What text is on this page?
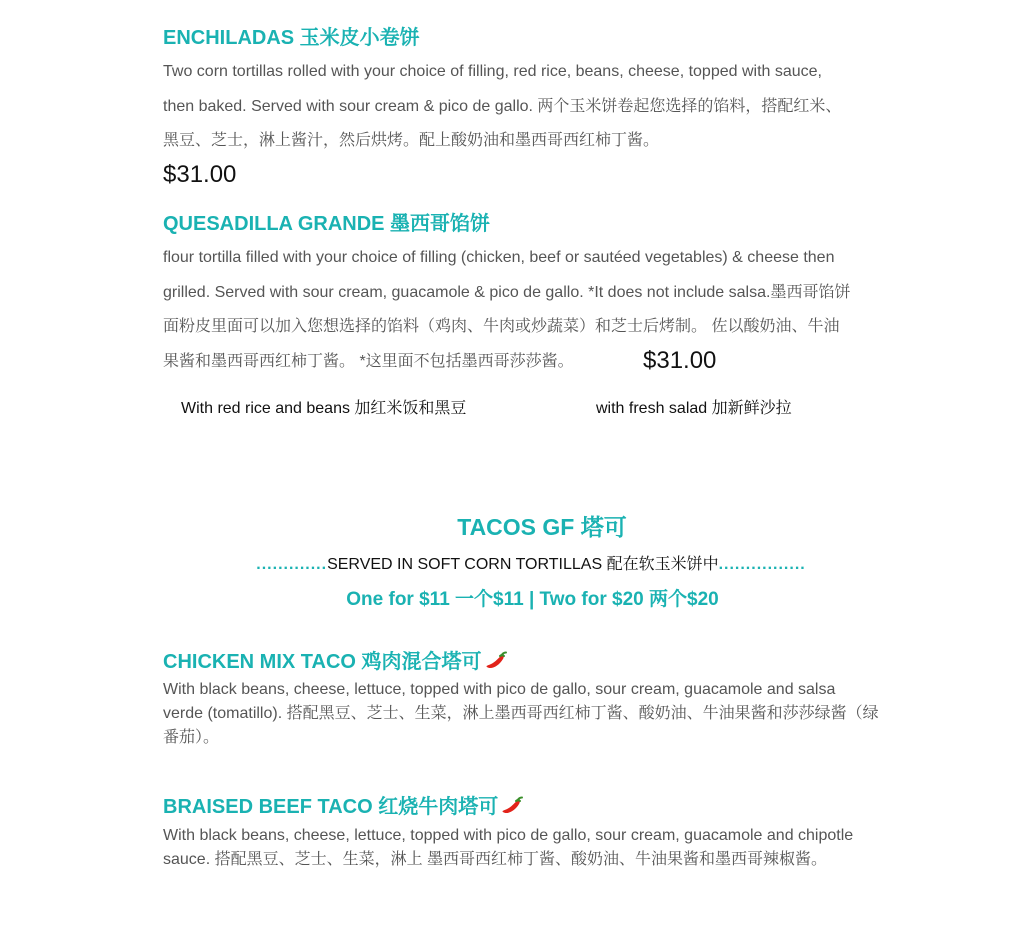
ENCHILADAS 玉米皮小卷饼
Two corn tortillas rolled with your choice of filling, red rice, beans, cheese, topped with sauce,
then baked. Served with sour cream & pico de gallo. 两个玉米饼卷起您选择的馅料，搭配红米、
黑豆、芝士，淋上酱汁，然后烘烤。配上酸奶油和墨西哥西红柿丁酱。
$31.00
QUESADILLA GRANDE 墨西哥馅饼
flour tortilla filled with your choice of filling (chicken, beef or sautéed vegetables) & cheese then
grilled. Served with sour cream, guacamole & pico de gallo. *It does not include salsa.墨西哥馅饼
面粉皮里面可以加入您想选择的馅料（鸡肉、牛肉或炒蔬菜）和芝士后烤制。 佐以酸奶油、牛油
果酱和墨西哥西红柿丁酱。 *这里面不包括墨西哥莎莎酱。	$31.00
With red rice and beans 加红米饭和黑豆	with fresh salad 加新鲜沙拉
TACOS GF 塔可
.............SERVED IN SOFT CORN TORTILLAS 配在软玉米饼中................
One for $11 一个$11 | Two for $20 两个$20
CHICKEN MIX TACO 鸡肉混合塔可
With black beans, cheese, lettuce, topped with pico de gallo, sour cream, guacamole and salsa
verde (tomatillo). 搭配黑豆、芝士、生菜，淋上墨西哥西红柿丁酱、酸奶油、牛油果酱和莎莎绿酱（绿
番茄）。
BRAISED BEEF TACO 红烧牛肉塔可
With black beans, cheese, lettuce, topped with pico de gallo, sour cream, guacamole and chipotle
sauce. 搭配黑豆、芝士、生菜，淋上 墨西哥西红柿丁酱、酸奶油、牛油果酱和墨西哥辣椒酱。
